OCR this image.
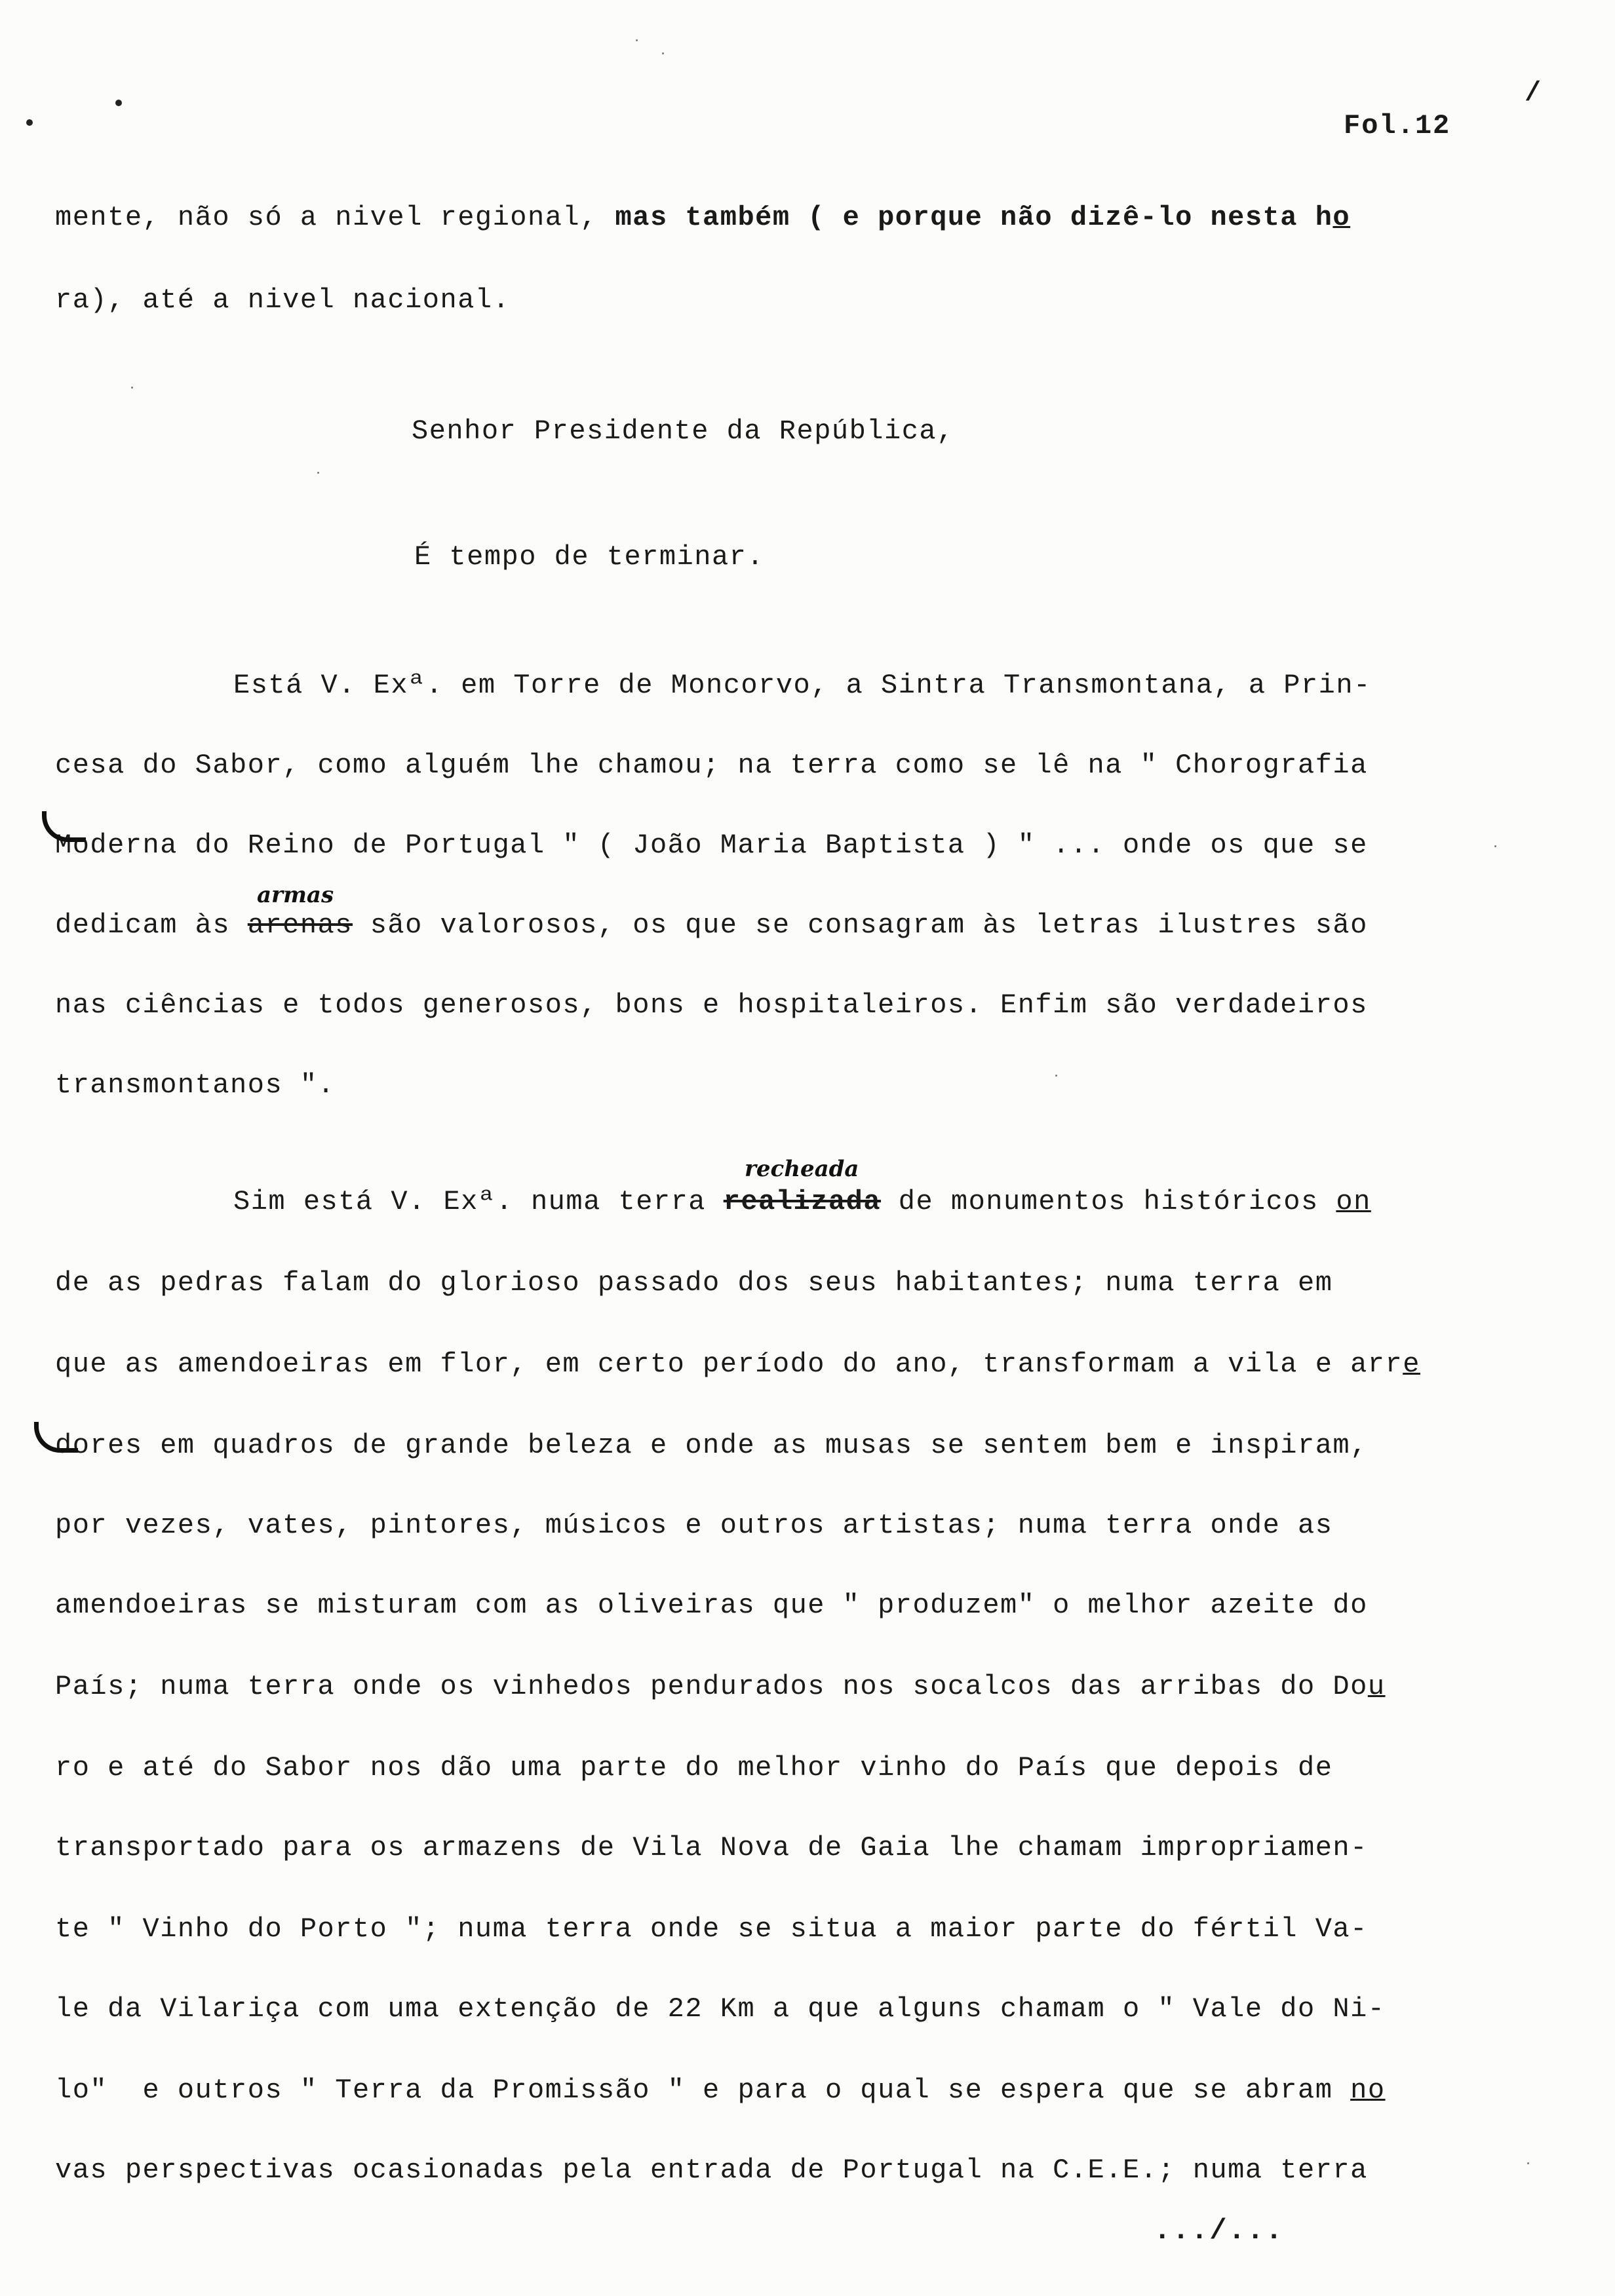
/
Fol.12
mente, não só a nivel regional, mas também ( e porque não dizê-lo nesta ho
ra), até a nivel nacional.
Senhor Presidente da República,
É tempo de terminar.
Está V. Exª. em Torre de Moncorvo, a Sintra Transmontana, a Prin-
cesa do Sabor, como alguém lhe chamou; na terra como se lê na " Chorografia
Moderna do Reino de Portugal " ( João Maria Baptista ) " ... onde os que se
armas
dedicam às arenas são valorosos, os que se consagram às letras ilustres são
nas ciências e todos generosos, bons e hospitaleiros. Enfim são verdadeiros
transmontanos ".
recheada
Sim está V. Exª. numa terra realizada de monumentos históricos on
de as pedras falam do glorioso passado dos seus habitantes; numa terra em
que as amendoeiras em flor, em certo período do ano, transformam a vila e arre
dores em quadros de grande beleza e onde as musas se sentem bem e inspiram,
por vezes, vates, pintores, músicos e outros artistas; numa terra onde as
amendoeiras se misturam com as oliveiras que " produzem" o melhor azeite do
País; numa terra onde os vinhedos pendurados nos socalcos das arribas do Dou
ro e até do Sabor nos dão uma parte do melhor vinho do País que depois de
transportado para os armazens de Vila Nova de Gaia lhe chamam impropriamen-
te " Vinho do Porto "; numa terra onde se situa a maior parte do fértil Va-
le da Vilariça com uma extenção de 22 Km a que alguns chamam o " Vale do Ni-
lo"  e outros " Terra da Promissão " e para o qual se espera que se abram no
vas perspectivas ocasionadas pela entrada de Portugal na C.E.E.; numa terra
.../...
